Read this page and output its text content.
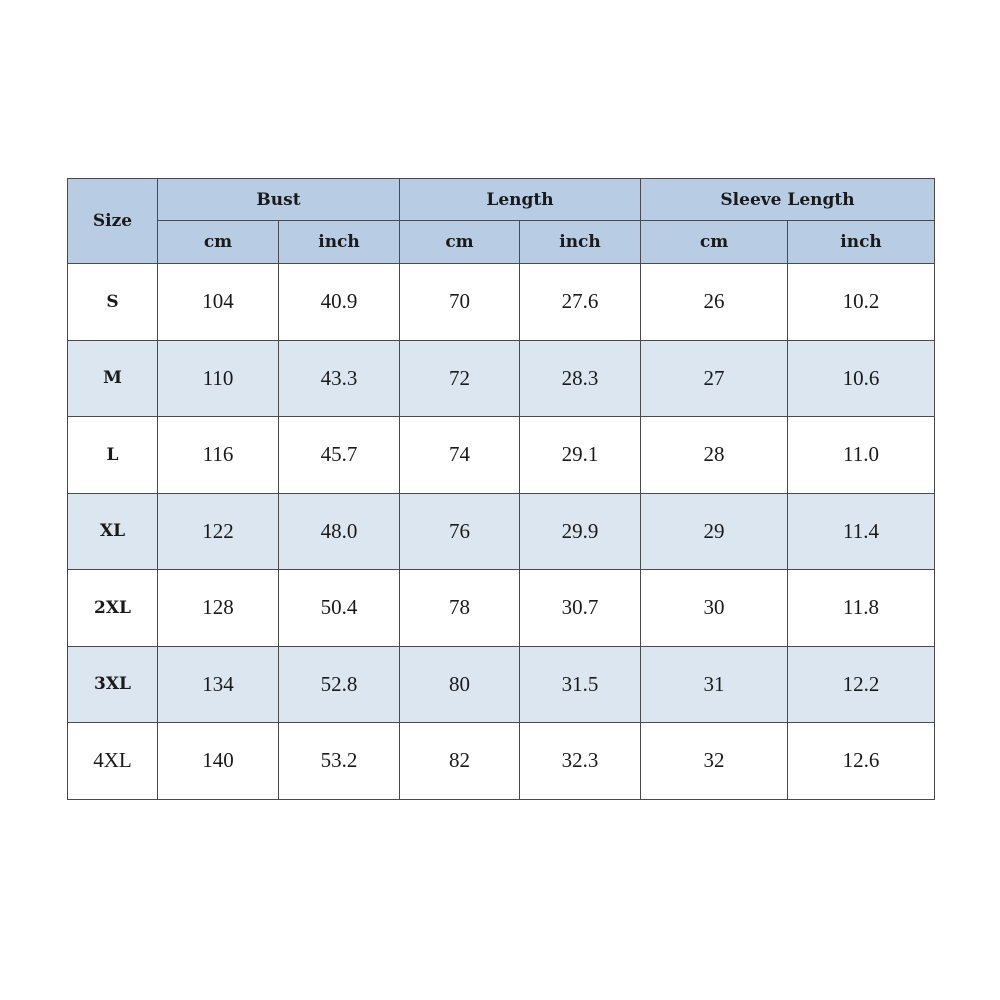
Size	Bust		Length		Sleeve Length	
	cm	inch	cm	inch	cm	inch
S	104	40.9	70	27.6	26	10.2
M	110	43.3	72	28.3	27	10.6
L	116	45.7	74	29.1	28	11.0
XL	122	48.0	76	29.9	29	11.4
2XL	128	50.4	78	30.7	30	11.8
3XL	134	52.8	80	31.5	31	12.2
4XL	140	53.2	82	32.3	32	12.6
